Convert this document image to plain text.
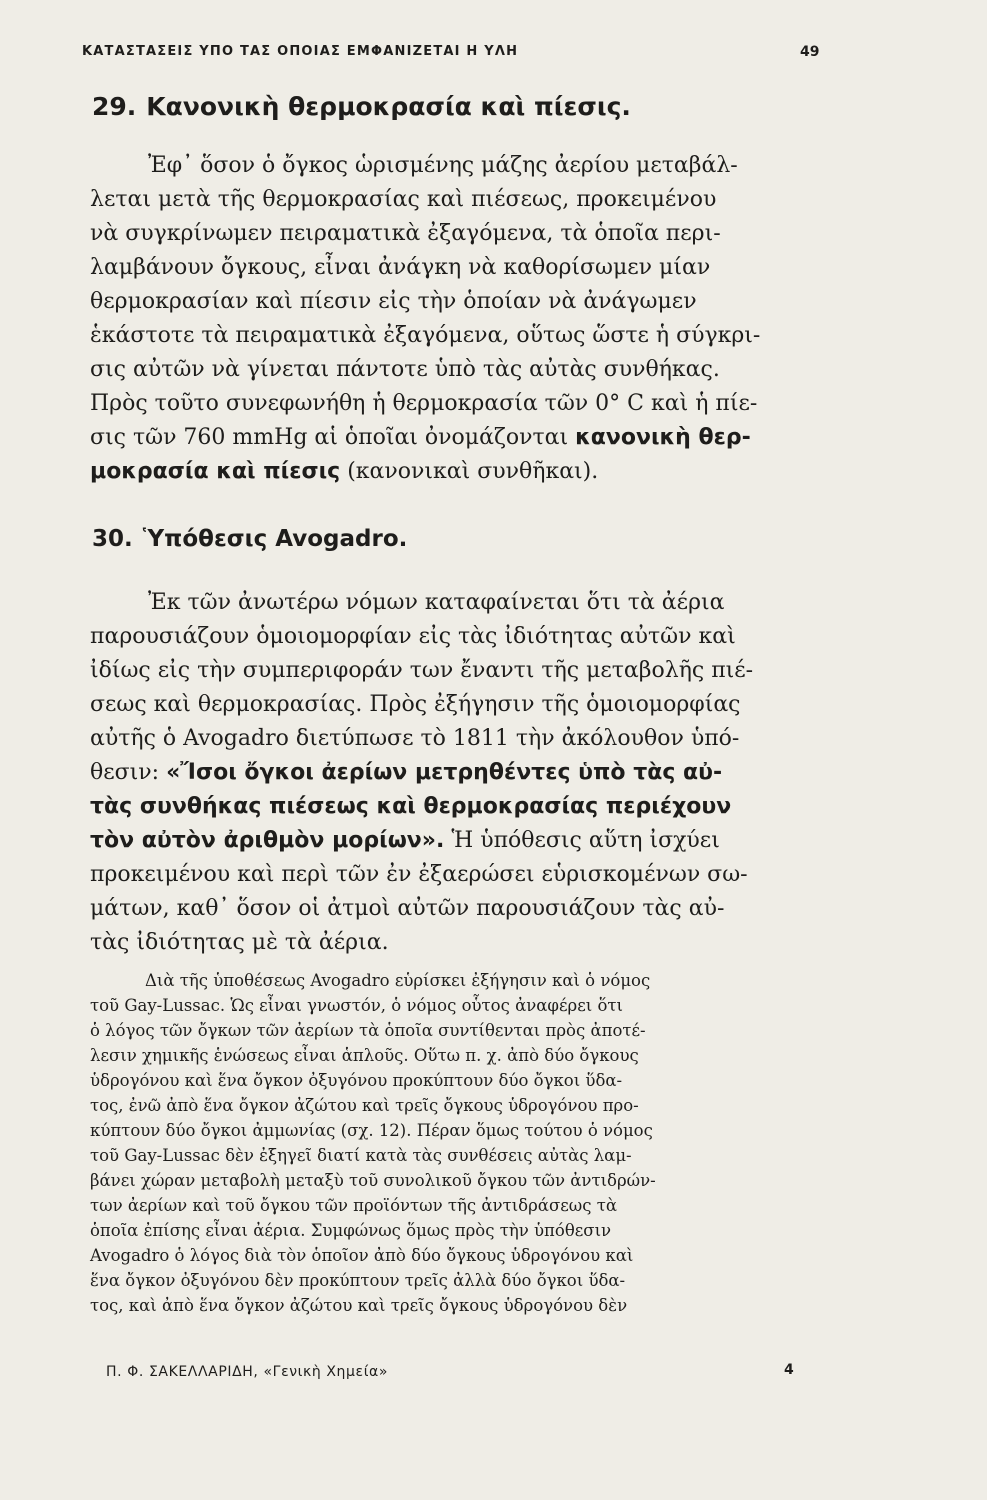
ΚΑΤΑΣΤΑΣΕΙΣ ΥΠΟ ΤΑΣ ΟΠΟΙΑΣ ΕΜΦΑΝΙΖΕΤΑΙ Η ΥΛΗ	49
29. Κανονικὴ θερμοκρασία καὶ πίεσις.
Ἐφ᾿ ὅσον ὁ ὄγκος ὡρισμένης μάζης ἀερίου μεταβάλ-
λεται μετὰ τῆς θερμοκρασίας καὶ πιέσεως, προκειμένου
νὰ συγκρίνωμεν πειραματικὰ ἐξαγόμενα, τὰ ὁποῖα περι-
λαμβάνουν ὄγκους, εἶναι ἀνάγκη νὰ καθορίσωμεν μίαν
θερμοκρασίαν καὶ πίεσιν εἰς τὴν ὁποίαν νὰ ἀνάγωμεν
ἑκάστοτε τὰ πειραματικὰ ἐξαγόμενα, οὕτως ὥστε ἡ σύγκρι-
σις αὐτῶν νὰ γίνεται πάντοτε ὑπὸ τὰς αὐτὰς συνθήκας.
Πρὸς τοῦτο συνεφωνήθη ἡ θερμοκρασία τῶν 0° C καὶ ἡ πίε-
σις τῶν 760 mmHg αἱ ὁποῖαι ὀνομάζονται κανονικὴ θερ-
μοκρασία καὶ πίεσις (κανονικαὶ συνθῆκαι).
30. Ὑπόθεσις Avogadro.
Ἐκ τῶν ἀνωτέρω νόμων καταφαίνεται ὅτι τὰ ἀέρια
παρουσιάζουν ὁμοιομορφίαν εἰς τὰς ἰδιότητας αὐτῶν καὶ
ἰδίως εἰς τὴν συμπεριφοράν των ἔναντι τῆς μεταβολῆς πιέ-
σεως καὶ θερμοκρασίας. Πρὸς ἐξήγησιν τῆς ὁμοιομορφίας
αὐτῆς ὁ Avogadro διετύπωσε τὸ 1811 τὴν ἀκόλουθον ὑπό-
θεσιν: «Ἴσοι ὄγκοι ἀερίων μετρηθέντες ὑπὸ τὰς αὐ-
τὰς συνθήκας πιέσεως καὶ θερμοκρασίας περιέχουν
τὸν αὐτὸν ἀριθμὸν μορίων». Ἡ ὑπόθεσις αὕτη ἰσχύει
προκειμένου καὶ περὶ τῶν ἐν ἐξαερώσει εὑρισκομένων σω-
μάτων, καθ᾿ ὅσον οἱ ἀτμοὶ αὐτῶν παρουσιάζουν τὰς αὐ-
τὰς ἰδιότητας μὲ τὰ ἀέρια.
Διὰ τῆς ὑποθέσεως Avogadro εὑρίσκει ἐξήγησιν καὶ ὁ νόμος
τοῦ Gay-Lussac. Ὡς εἶναι γνωστόν, ὁ νόμος οὗτος ἀναφέρει ὅτι
ὁ λόγος τῶν ὄγκων τῶν ἀερίων τὰ ὁποῖα συντίθενται πρὸς ἀποτέ-
λεσιν χημικῆς ἑνώσεως εἶναι ἁπλοῦς. Οὕτω π. χ. ἀπὸ δύο ὄγκους
ὑδρογόνου καὶ ἕνα ὄγκον ὀξυγόνου προκύπτουν δύο ὄγκοι ὕδα-
τος, ἐνῶ ἀπὸ ἕνα ὄγκον ἀζώτου καὶ τρεῖς ὄγκους ὑδρογόνου προ-
κύπτουν δύο ὄγκοι ἀμμωνίας (σχ. 12). Πέραν ὅμως τούτου ὁ νόμος
τοῦ Gay-Lussac δὲν ἐξηγεῖ διατί κατὰ τὰς συνθέσεις αὐτὰς λαμ-
βάνει χώραν μεταβολὴ μεταξὺ τοῦ συνολικοῦ ὄγκου τῶν ἀντιδρών-
των ἀερίων καὶ τοῦ ὄγκου τῶν προϊόντων τῆς ἀντιδράσεως τὰ
ὁποῖα ἐπίσης εἶναι ἀέρια. Συμφώνως ὅμως πρὸς τὴν ὑπόθεσιν
Avogadro ὁ λόγος διὰ τὸν ὁποῖον ἀπὸ δύο ὄγκους ὑδρογόνου καὶ
ἕνα ὄγκον ὀξυγόνου δὲν προκύπτουν τρεῖς ἀλλὰ δύο ὄγκοι ὕδα-
τος, καὶ ἀπὸ ἕνα ὄγκον ἀζώτου καὶ τρεῖς ὄγκους ὑδρογόνου δὲν
Π. Φ. ΣΑΚΕΛΛΑΡΙΔΗ, «Γενικὴ Χημεία»	4
